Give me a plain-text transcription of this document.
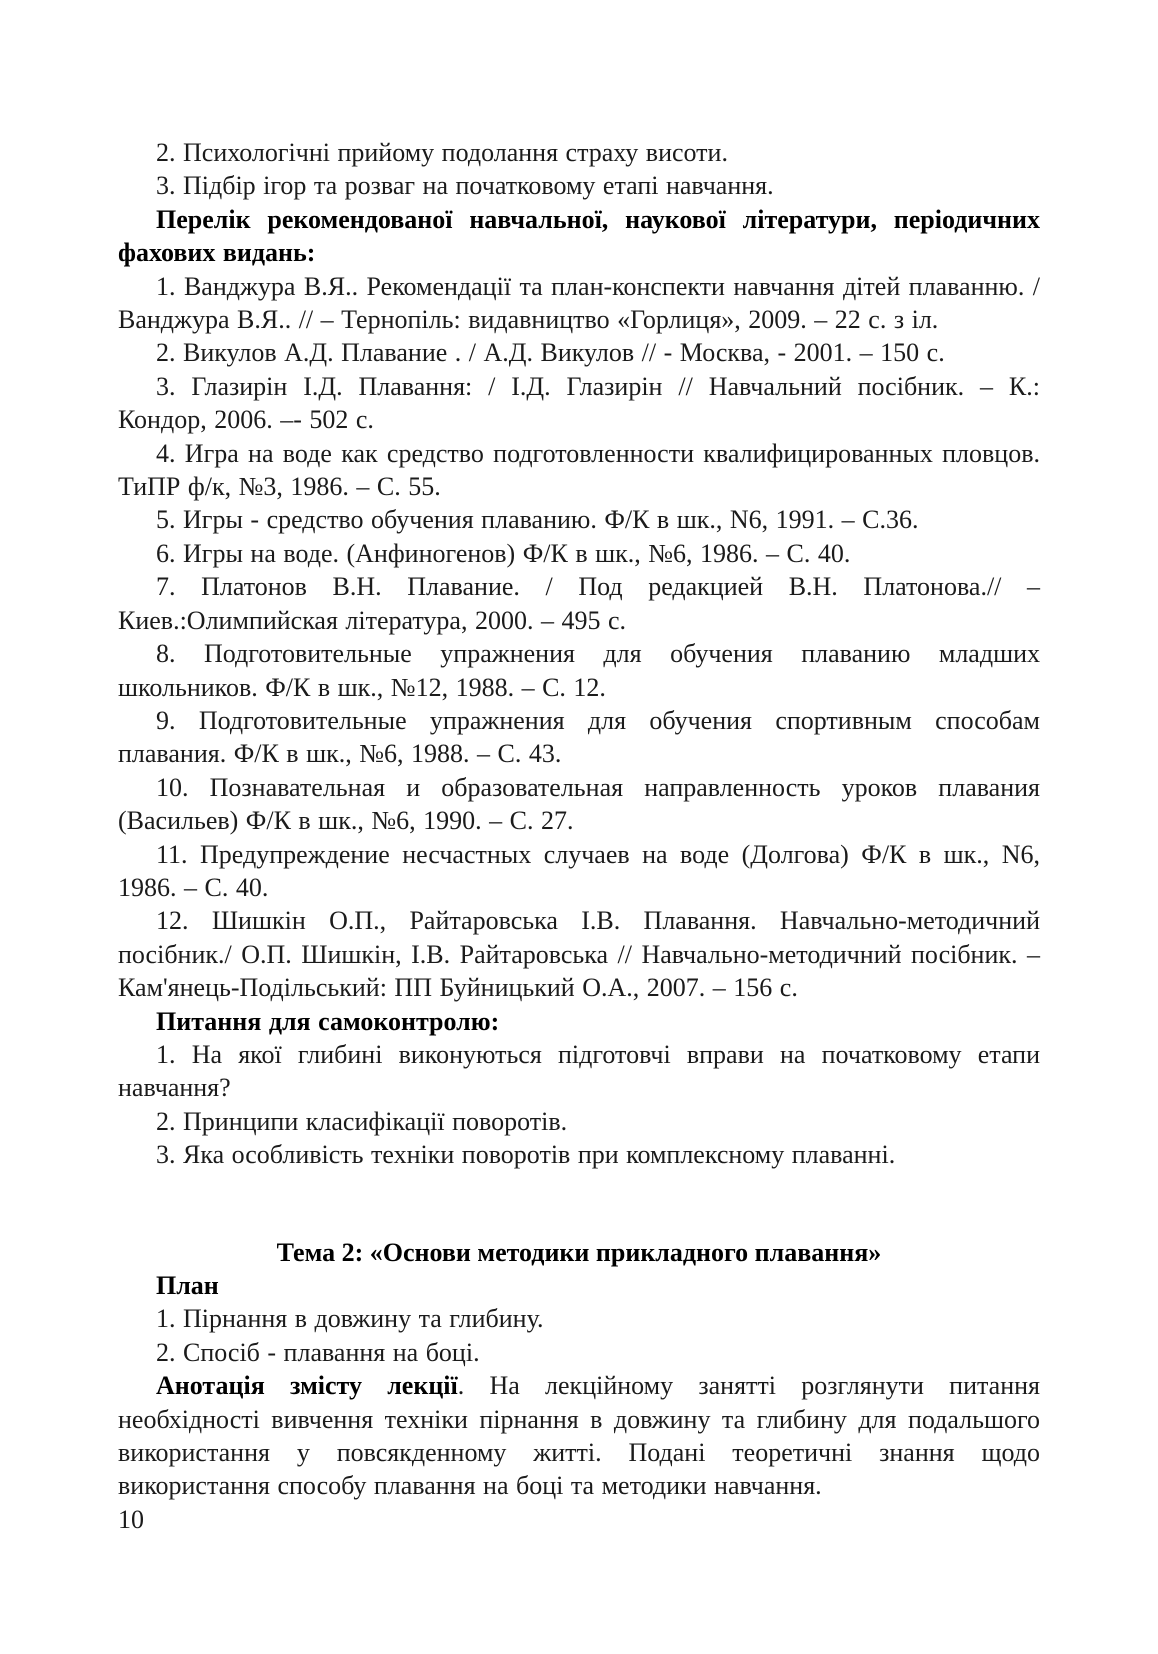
2. Психологічні прийому подолання страху висоти.

3. Підбір ігор та розваг на початковому етапі навчання.

Перелік рекомендованої навчальної, наукової літератури, періодичних фахових видань:

1. Ванджура В.Я.. Рекомендації та план-конспекти навчання дітей плаванню. / Ванджура В.Я.. // – Тернопіль: видавництво «Горлиця», 2009. – 22 с. з іл.

2. Викулов А.Д. Плавание . / А.Д. Викулов // - Москва, - 2001. – 150 с.

3. Глазирін І.Д. Плавання: / І.Д. Глазирін // Навчальний посібник. – К.: Кондор, 2006. –- 502 с.

4. Игра на воде как средство подготовленности квалифицированных пловцов. ТиПР ф/к, №3, 1986. – С. 55.

5. Игры - средство обучения плаванию. Ф/К в шк., N6, 1991. – С.36.

6. Игры на воде. (Анфиногенов) Ф/К в шк., №6, 1986. – С. 40.

7. Платонов В.Н. Плавание. / Под редакцией В.Н. Платонова.// – Киев.:Олимпийская література, 2000. – 495 с.

8. Подготовительные упражнения для обучения плаванию младших школьников. Ф/К в шк., №12, 1988. – С. 12.

9. Подготовительные упражнения для обучения спортивным способам плавания. Ф/К в шк., №6, 1988. – С. 43.

10. Познавательная и образовательная направленность уроков плавания (Васильев) Ф/К в шк., №6, 1990. – С. 27.

11. Предупреждение несчастных случаев на воде (Долгова) Ф/К в шк., N6, 1986. – С. 40.

12. Шишкін О.П., Райтаровська І.В. Плавання. Навчально-методичний посібник./ О.П. Шишкін, І.В. Райтаровська // Навчально-методичний посібник. – Кам'янець-Подільський: ПП Буйницький О.А., 2007. – 156 с.

Питання для самоконтролю:

1. На якої глибині виконуються підготовчі вправи на початковому етапи навчання?

2. Принципи класифікації поворотів.

3. Яка особливість техніки поворотів при комплексному плаванні.

Тема 2: «Основи методики прикладного плавання»

План

1. Пірнання в довжину та глибину.

2. Спосіб - плавання на боці.

Анотація змісту лекції. На лекційному занятті розглянути питання необхідності вивчення техніки пірнання в довжину та глибину для подальшого використання у повсякденному житті. Подані теоретичні знання щодо використання способу плавання на боці та методики навчання.

10
